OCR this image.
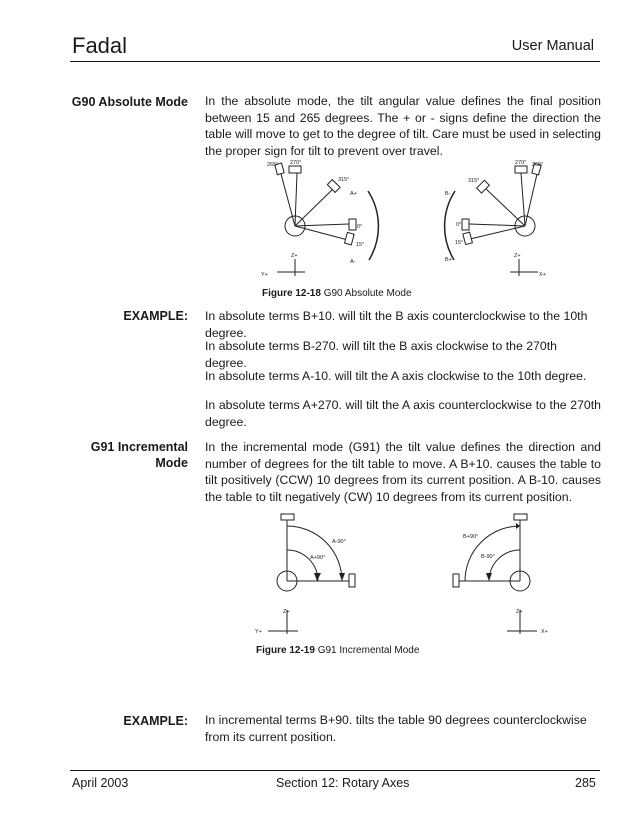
Fadal	User Manual
G90 Absolute Mode In the absolute mode, the tilt angular value defines the final position between 15 and 265 degrees. The + or - signs define the direction the table will move to get to the degree of tilt. Care must be used in selecting the proper sign for tilt to prevent over travel.
265° 270°
315°
A+
0°
15°
A-
Z+
Y+
270° 265°
315°
B-
0°
15°
B+
Z+
X+
Figure 12-18 G90 Absolute Mode
EXAMPLE: In absolute terms B+10. will tilt the B axis counterclockwise to the 10th degree.
In absolute terms B-270. will tilt the B axis clockwise to the 270th degree.
In absolute terms A-10. will tilt the A axis clockwise to the 10th degree.
In absolute terms A+270. will tilt the A axis counterclockwise to the 270th degree.
G91 Incremental
Mode
In the incremental mode (G91) the tilt value defines the direction and number of degrees for the tilt table to move. A B+10. causes the table to tilt positively (CCW) 10 degrees from its current position. A B-10. causes the table to tilt negatively (CW) 10 degrees from its current position.
A-90°
A+90°
Z+
Y+
B+90°
B-90°
Z+
X+
Figure 12-19 G91 Incremental Mode
EXAMPLE: In incremental terms B+90. tilts the table 90 degrees counterclockwise from its current position.
April 2003	Section 12: Rotary Axes	285
